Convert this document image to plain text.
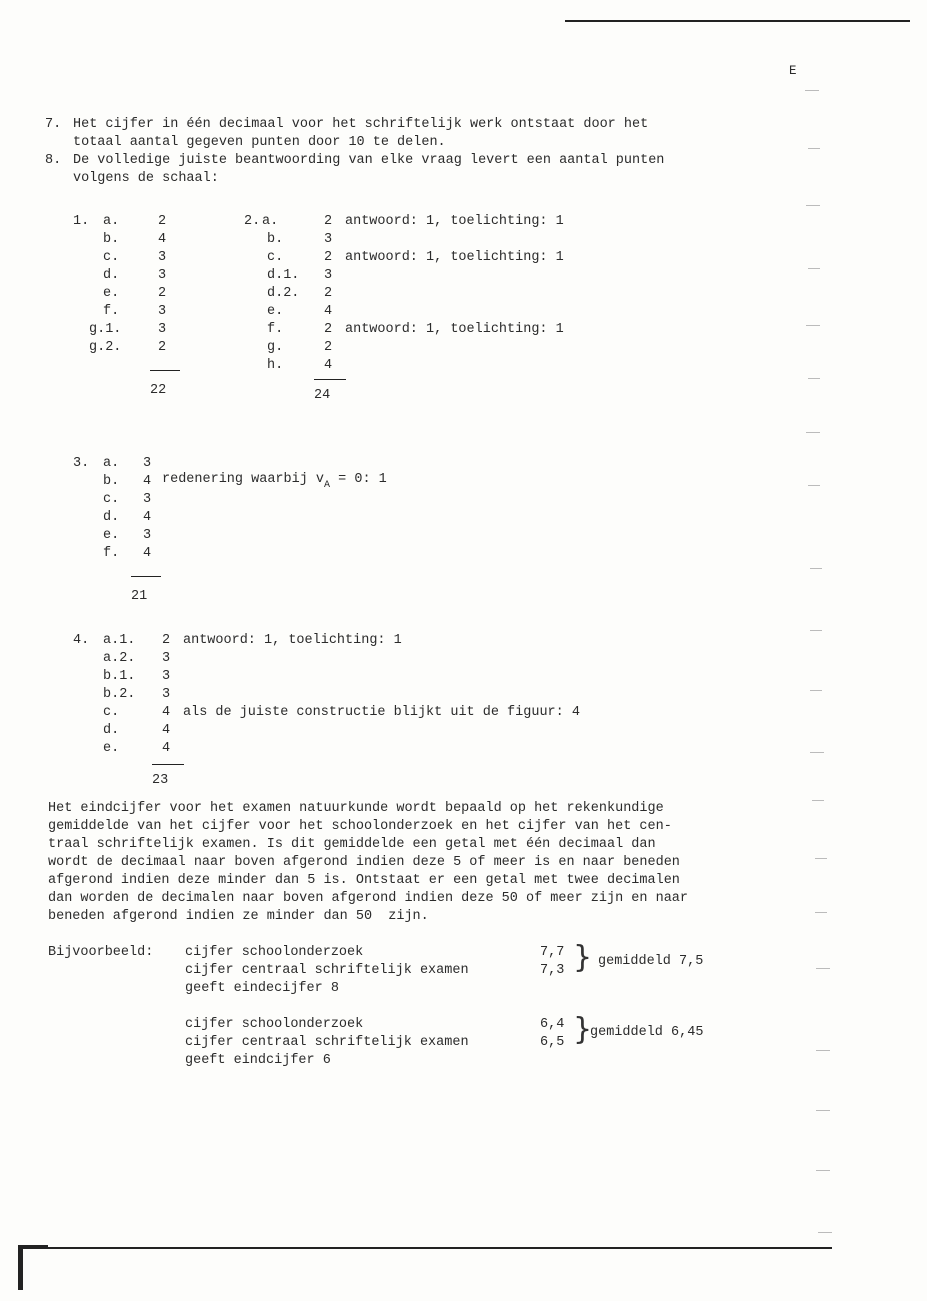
E
7. Het cijfer in één decimaal voor het schriftelijk werk ontstaat door het
totaal aantal gegeven punten door 10 te delen.
8. De volledige juiste beantwoording van elke vraag levert een aantal punten
volgens de schaal:
1. a.	2
b.	4
c.	3
d.	3
e.	2
f.	3
g.1.	3
g.2.	2
22
2. a.	2 antwoord: 1, toelichting: 1
b.	3
c.	2 antwoord: 1, toelichting: 1
d.1. 3
d.2. 2
e.	4
f.	2 antwoord: 1, toelichting: 1
g.	2
h.	4
24
3. a. 3
b. 4 redenering waarbij $v_A = 0$: 1
c. 3
d. 4
e. 3
f. 4
21
4. a.1. 2 antwoord: 1, toelichting: 1
a.2. 3
b.1. 3
b.2. 3
c.	4 als de juiste constructie blijkt uit de figuur: 4
d.	4
e.	4
23
Het eindcijfer voor het examen natuurkunde wordt bepaald op het rekenkundige
gemiddelde van het cijfer voor het schoolonderzoek en het cijfer van het cen-
traal schriftelijk examen. Is dit gemiddelde een getal met één decimaal dan
wordt de decimaal naar boven afgerond indien deze 5 of meer is en naar beneden
afgerond indien deze minder dan 5 is. Ontstaat er een getal met twee decimalen
dan worden de decimalen naar boven afgerond indien deze 50 of meer zijn en naar
beneden afgerond indien ze minder dan 50  zijn.
Bijvoorbeeld: cijfer schoolonderzoek	7,7
cijfer centraal schriftelijk examen	7,3 } gemiddeld 7,5
geeft eindecijfer 8
cijfer schoolonderzoek	6,4
cijfer centraal schriftelijk examen	6,5 }
gemiddeld 6,45
geeft eindcijfer 6
